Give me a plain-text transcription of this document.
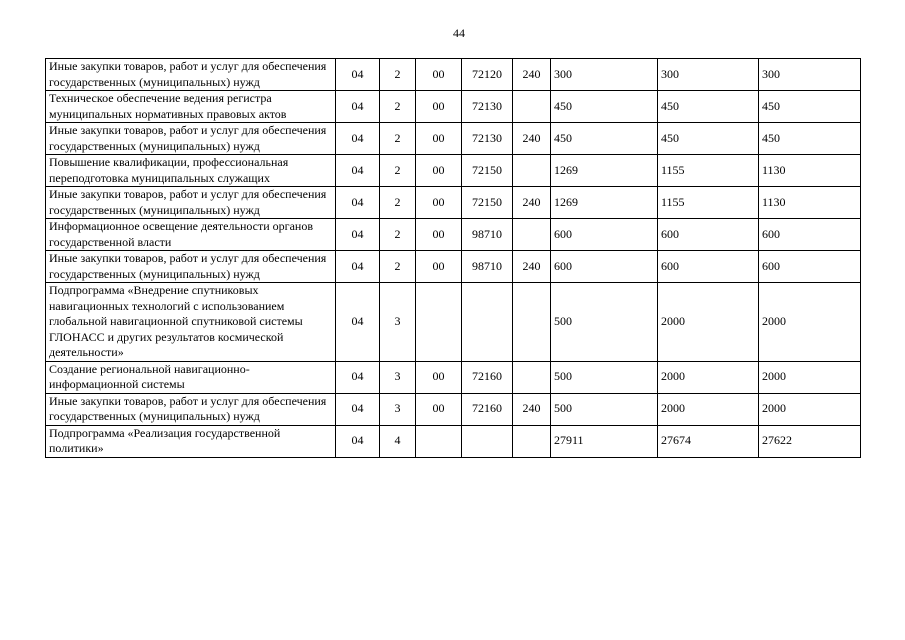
44
Иные закупки товаров, работ и услуг для обеспечения государственных (муниципальных) нужд	04	2	00	72120	240	300	300	300
Техническое обеспечение ведения регистра муниципальных нормативных правовых актов	04	2	00	72130		450	450	450
Иные закупки товаров, работ и услуг для обеспечения государственных (муниципальных) нужд	04	2	00	72130	240	450	450	450
Повышение квалификации, профессиональная переподготовка муниципальных служащих	04	2	00	72150		1269	1155	1130
Иные закупки товаров, работ и услуг для обеспечения государственных (муниципальных) нужд	04	2	00	72150	240	1269	1155	1130
Информационное освещение деятельности органов государственной власти	04	2	00	98710		600	600	600
Иные закупки товаров, работ и услуг для обеспечения государственных (муниципальных) нужд	04	2	00	98710	240	600	600	600
Подпрограмма «Внедрение спутниковых навигационных технологий с использованием глобальной навигационной спутниковой системы ГЛОНАСС и других результатов космической деятельности»	04	3				500	2000	2000
Создание региональной навигационно-информационной системы	04	3	00	72160		500	2000	2000
Иные закупки товаров, работ и услуг для обеспечения государственных (муниципальных) нужд	04	3	00	72160	240	500	2000	2000
Подпрограмма «Реализация государственной политики»	04	4				27911	27674	27622
